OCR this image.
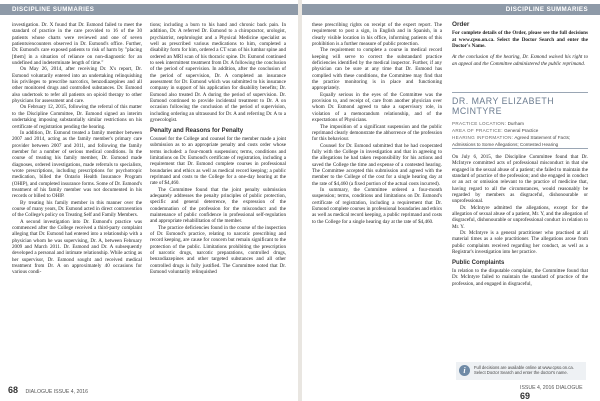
DISCIPLINE SUMMARIES	DISCIPLINE SUMMARIES

investigation. Dr. X found that Dr. Esmond failed to meet the standard of practice in the care provided to 16 of the 30 patients whose charts were reviewed and one of seven patients/encounters observed in Dr. Esmond's office. Further, Dr. Esmond's care exposed patients to risk of harm by "placing [them] in a situation of reliance on non-diagnostic for an undefined and indeterminate length of time."

On May 26, 2014, after receiving Dr. X's report, Dr. Esmond voluntarily entered into an undertaking relinquishing his privileges to prescribe narcotics, benzodiazepines and all other monitored drugs and controlled substances. Dr. Esmond also undertook to refer all patients on opioid therapy to other physicians for assessment and care.

On February 12, 2015, following the referral of this matter to the Discipline Committee, Dr. Esmond signed an interim undertaking imposing substantially similar restrictions on his certificate of registration pending the hearing.

In addition, Dr. Esmond treated a family member between 2007 and 2014, acting as the family member's primary care provider between 2007 and 2011, and following the family member for a number of serious medical conditions. In the course of treating his family member, Dr. Esmond made diagnoses, ordered investigations, made referrals to specialists, wrote prescriptions, including prescriptions for psychotropic medication, billed the Ontario Health Insurance Program (OHIP), and completed insurance forms. Some of Dr. Esmond's treatment of his family member was not documented in his records or billed to OHIP.

By treating his family member in this manner over the course of many years, Dr. Esmond acted in direct contravention of the College's policy on Treating Self and Family Members.

A second investigation into Dr. Esmond's practice was commenced after the College received a third-party complaint alleging that Dr. Esmond had entered into a relationship with a physician whom he was supervising, Dr. A, between February 2009 and March 2011. Dr. Esmond and Dr. A subsequently developed a personal and intimate relationship. While acting as her supervisor, Dr. Esmond sought and received medical treatment from Dr. A on approximately 40 occasions for various condi-

tions; including a burn to his hand and chronic back pain. In addition, Dr. A referred Dr. Esmond to a chiropractor, urologist, psychiatrist, nephrologist and a Physical Medicine specialist as well as prescribed various medications to him, completed a disability form for him, ordered a CT scan of his lumbar spine and ordered an MRI scan of his thoracic spine. Dr. Esmond continued to seek intermittent treatment from Dr. A following the conclusion of the period of supervision. In addition, after the conclusion of the period of supervision, Dr. A completed an insurance assessment for Dr. Esmond which was submitted to his insurance company in support of his application for disability benefits; Dr. Esmond also treated Dr. A during the period of supervision. Dr. Esmond continued to provide incidental treatment to Dr. A on occasion following the conclusion of the period of supervision, including ordering an ultrasound for Dr. A and referring Dr. A to a gynecologist.

Penalty and Reasons for Penalty

Counsel for the College and counsel for the member made a joint submission as to an appropriate penalty and costs order whose terms included: a four-month suspension; terms, conditions and limitations on Dr. Esmond's certificate of registration, including a requirement that Dr. Esmond complete courses in professional boundaries and ethics as well as medical record keeping; a public reprimand and costs to the College for a one-day hearing at the rate of $4,460.

The Committee found that the joint penalty submission adequately addresses the penalty principles of public protection, specific and general deterrence, the expression of the condemnation of the profession for the misconduct and the maintenance of public confidence in professional self-regulation and appropriate rehabilitation of the member.

The practice deficiencies found in the course of the inspection of Dr. Esmond's practice, relating to narcotic prescribing and record keeping, are cause for concern but remain significant to the protection of the public. Limitations prohibiting the prescription of narcotic drugs, narcotic preparations, controlled drugs, benzodiazepines and other targeted substances and all other controlled drugs is fully justified. The Committee noted that Dr. Esmond voluntarily relinquished

these prescribing rights on receipt of the expert report. The requirement to post a sign, in English and in Spanish, in a clearly visible location in his office, informing patients of this prohibition is a further measure of public protection.

The requirement to complete a course in medical record keeping will serve to correct the substandard practice deficiencies identified by the medical inspector. Further, if any physician can be sure at any time that Dr. Esmond has complied with these conditions, the Committee may find that the practice monitoring is in place and functioning appropriately.

Equally serious in the eyes of the Committee was the provision to, and receipt of, care from another physician over whom Dr. Esmond agreed to take a supervisory role, in violation of a memorandum relationship, and of the expectations of Physicians.

The imposition of a significant suspension and the public reprimand clearly demonstrate the abhorrence of the profession for this behaviour.

Counsel for Dr. Esmond submitted that he had cooperated fully with the College in investigation and that in agreeing to the allegations he had taken responsibility for his actions and saved the College the time and expense of a contested hearing. The Committee accepted this submission and agreed with the member to the College of the cost for a single hearing day at the rate of $4,460 (a fixed portion of the actual costs incurred).

In summary, the Committee ordered a four-month suspension; terms, conditions and limitations on Dr. Esmond's certificate of registration, including a requirement that Dr. Esmond complete courses in professional boundaries and ethics as well as medical record keeping, a public reprimand and costs to the College for a single hearing day at the rate of $4,460.

Order

For complete details of the Order, please see the full decisions at www.cpso.on.ca. Select the Doctor Search and enter the Doctor's Name.

At the conclusion of the hearing, Dr. Esmond waived his right to an appeal and the Committee administered the public reprimand.

DR. MARY ELIZABETH MCINTYRE
PRACTICE LOCATION: Durham
AREA OF PRACTICE: General Practice
HEARING INFORMATION: Agreed Statement of Facts; Admissions to Some Allegations; Contested Hearing

On July 6, 2015, the Discipline Committee found that Dr. McIntyre committed acts of professional misconduct in that she engaged in the sexual abuse of a patient; she failed to maintain the standard of practice of the profession; and she engaged in conduct or an act or omission relevant to the practice of medicine that, having regard to all the circumstances, would reasonably be regarded by members as disgraceful, dishonourable or unprofessional.

Dr. McIntyre admitted the allegations, except for the allegation of sexual abuse of a patient, Mr. Y, and the allegation of disgraceful, dishonourable or unprofessional conduct in relation to Mr. Y.

Dr. McIntyre is a general practitioner who practised at all material times as a sole practitioner. The allegations arose from public complaints received regarding her conduct, as well as a Registrar's investigation into her practice.

Public Complaints

In relation to the disputable complaint, the Committee found that Dr. McIntyre failed to maintain the standard of practice of the profession, and engaged in disgraceful,

i	Full decisions are available online at www.cpso.on.ca. Select Doctor Search and enter the doctor's name.
68 DIALOGUE ISSUE 4, 2016
ISSUE 4, 2016 DIALOGUE 69
